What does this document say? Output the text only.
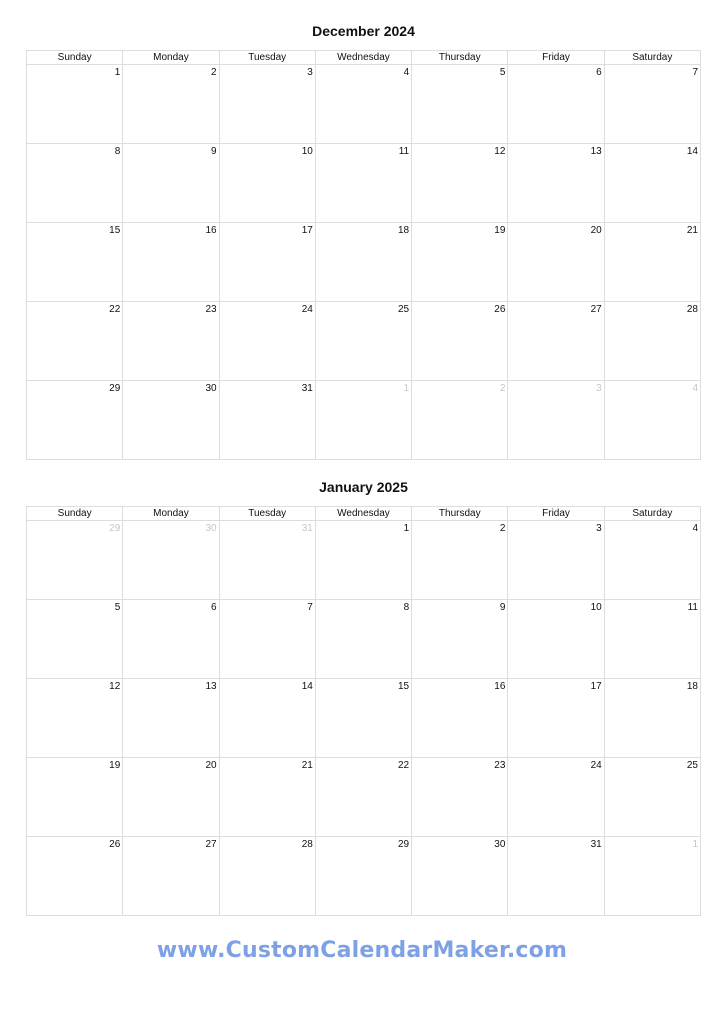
December 2024
Sunday	Monday	Tuesday	Wednesday	Thursday	Friday	Saturday

1	2	3	4	5	6	7

8	9	10	11	12	13	14

15	16	17	18	19	20	21

22	23	24	25	26	27	28

29	30	31	1	2	3	4
January 2025
Sunday	Monday	Tuesday	Wednesday	Thursday	Friday	Saturday

29	30	31	1	2	3	4

5	6	7	8	9	10	11

12	13	14	15	16	17	18

19	20	21	22	23	24	25

26	27	28	29	30	31	1
www.CustomCalendarMaker.com
